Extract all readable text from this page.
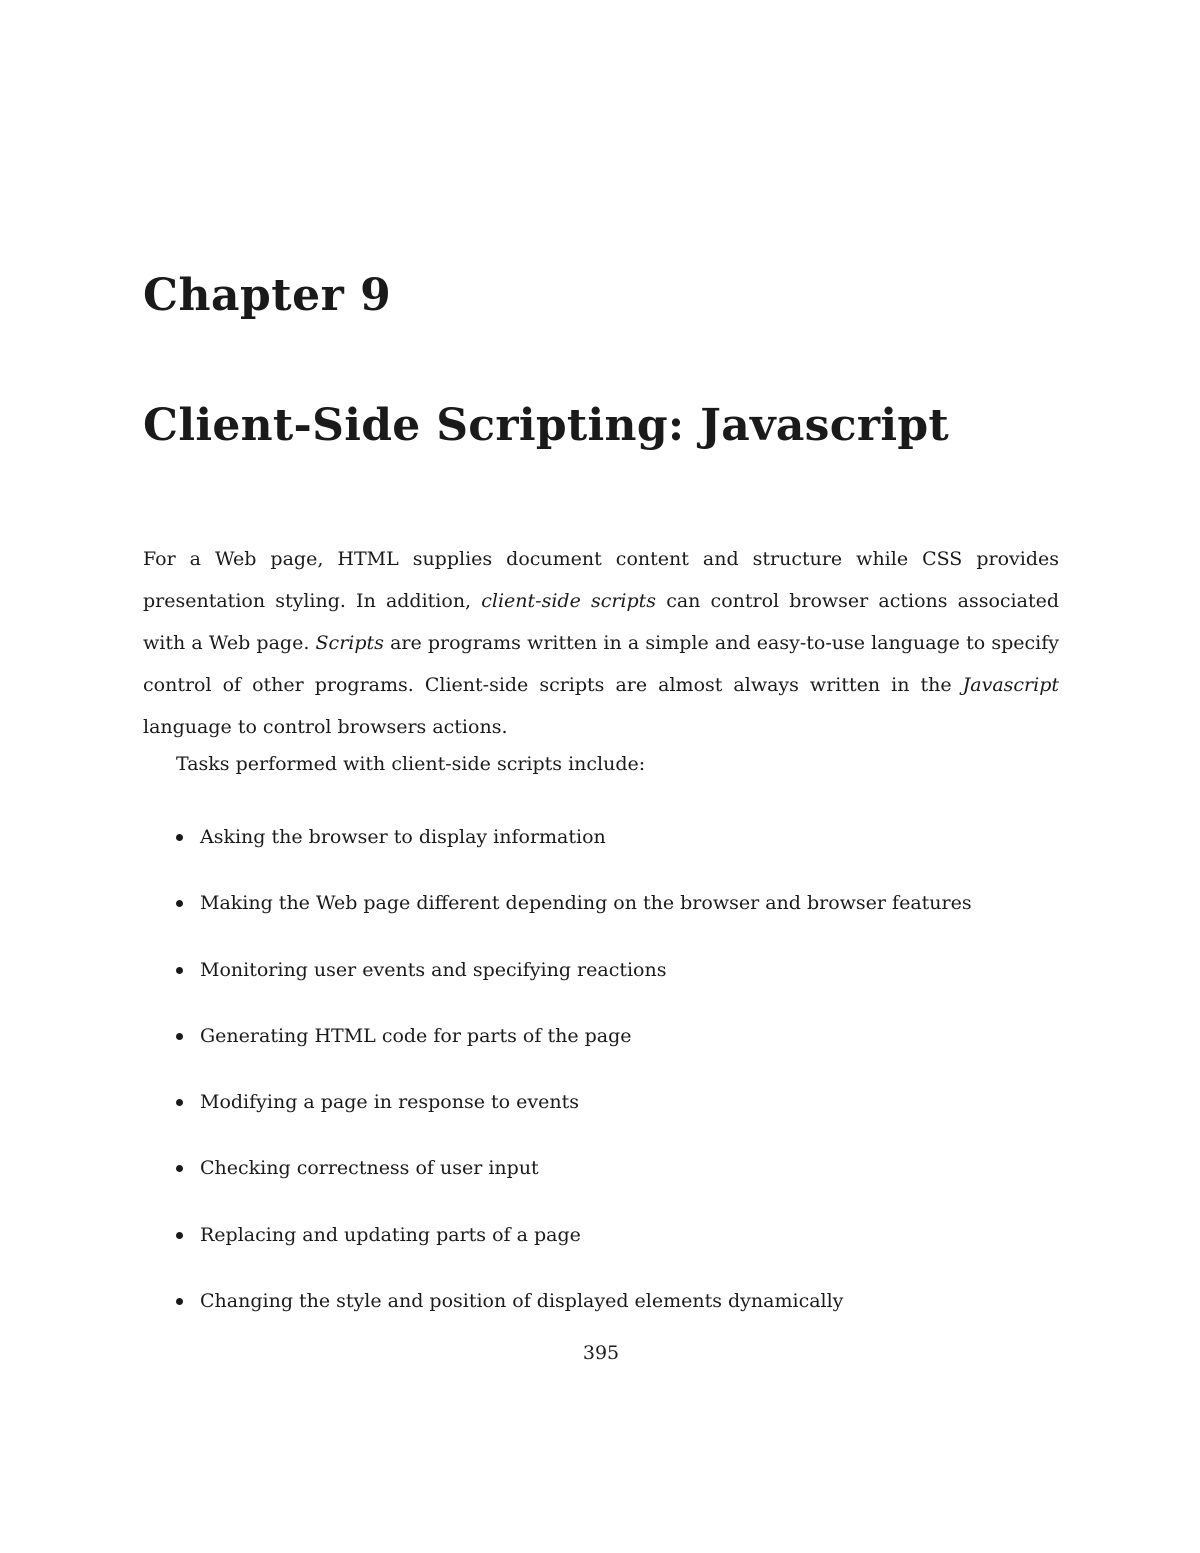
Chapter 9
Client-Side Scripting: Javascript

For a Web page, HTML supplies document content and structure while CSS provides presentation styling. In addition, client-side scripts can control browser actions associated with a Web page. Scripts are programs written in a simple and easy-to-use language to specify control of other programs. Client-side scripts are almost always written in the Javascript language to control browsers actions.

Tasks performed with client-side scripts include:

Asking the browser to display information
Making the Web page different depending on the browser and browser features
Monitoring user events and specifying reactions
Generating HTML code for parts of the page
Modifying a page in response to events
Checking correctness of user input
Replacing and updating parts of a page
Changing the style and position of displayed elements dynamically

395
